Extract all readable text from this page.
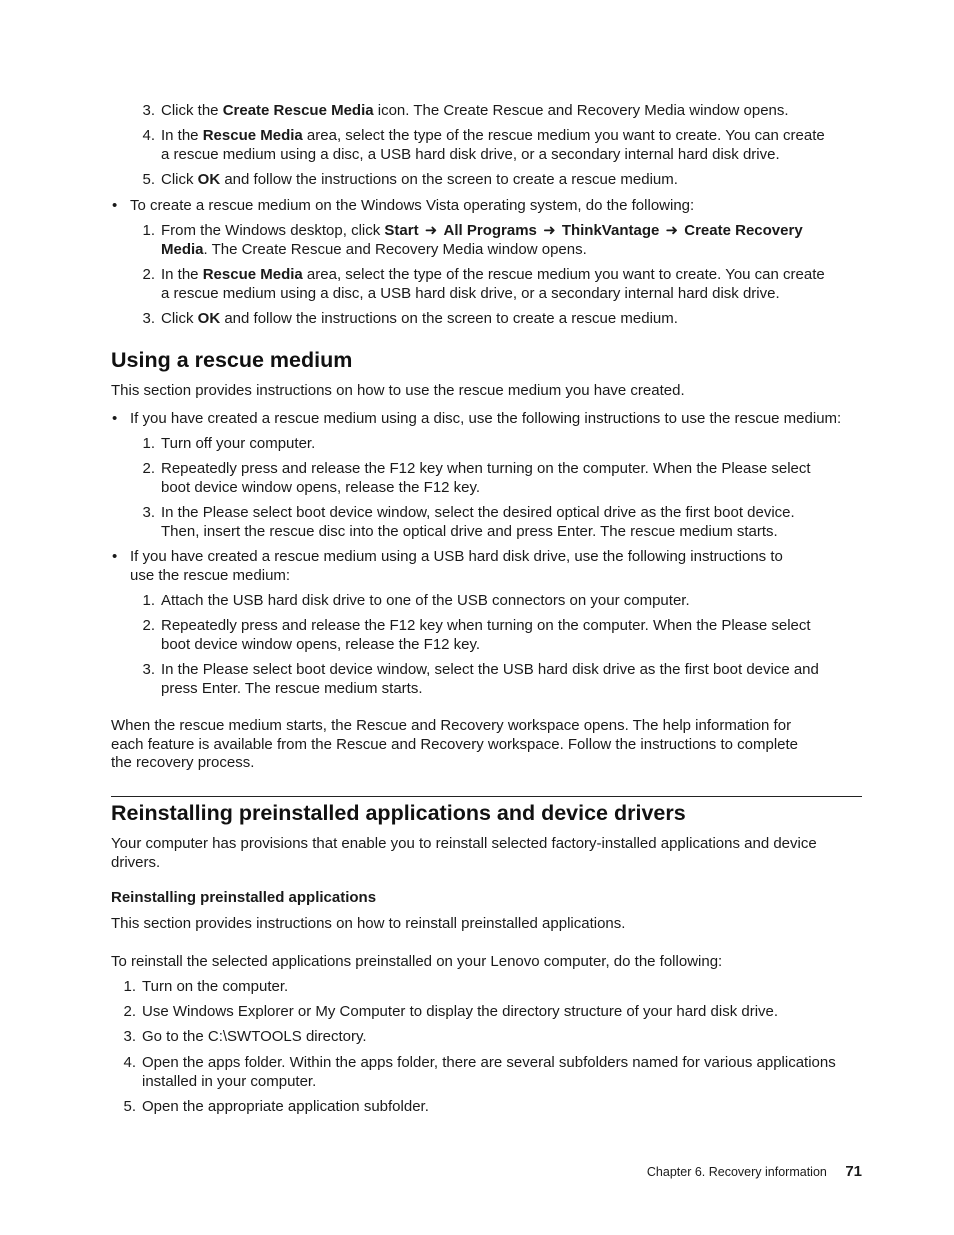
3. Click the Create Rescue Media icon. The Create Rescue and Recovery Media window opens.
4. In the Rescue Media area, select the type of the rescue medium you want to create. You can create
a rescue medium using a disc, a USB hard disk drive, or a secondary internal hard disk drive.
5. Click OK and follow the instructions on the screen to create a rescue medium.
• To create a rescue medium on the Windows Vista operating system, do the following:
1. From the Windows desktop, click Start ➜ All Programs ➜ ThinkVantage ➜ Create Recovery
Media. The Create Rescue and Recovery Media window opens.
2. In the Rescue Media area, select the type of the rescue medium you want to create. You can create
a rescue medium using a disc, a USB hard disk drive, or a secondary internal hard disk drive.
3. Click OK and follow the instructions on the screen to create a rescue medium.
Using a rescue medium
This section provides instructions on how to use the rescue medium you have created.
• If you have created a rescue medium using a disc, use the following instructions to use the rescue medium:
1. Turn off your computer.
2. Repeatedly press and release the F12 key when turning on the computer. When the Please select
boot device window opens, release the F12 key.
3. In the Please select boot device window, select the desired optical drive as the first boot device.
Then, insert the rescue disc into the optical drive and press Enter. The rescue medium starts.
• If you have created a rescue medium using a USB hard disk drive, use the following instructions to
use the rescue medium:
1. Attach the USB hard disk drive to one of the USB connectors on your computer.
2. Repeatedly press and release the F12 key when turning on the computer. When the Please select
boot device window opens, release the F12 key.
3. In the Please select boot device window, select the USB hard disk drive as the first boot device and
press Enter. The rescue medium starts.
When the rescue medium starts, the Rescue and Recovery workspace opens. The help information for
each feature is available from the Rescue and Recovery workspace. Follow the instructions to complete
the recovery process.
Reinstalling preinstalled applications and device drivers
Your computer has provisions that enable you to reinstall selected factory-installed applications and device
drivers.
Reinstalling preinstalled applications
This section provides instructions on how to reinstall preinstalled applications.
To reinstall the selected applications preinstalled on your Lenovo computer, do the following:
1. Turn on the computer.
2. Use Windows Explorer or My Computer to display the directory structure of your hard disk drive.
3. Go to the C:\SWTOOLS directory.
4. Open the apps folder. Within the apps folder, there are several subfolders named for various applications
installed in your computer.
5. Open the appropriate application subfolder.
Chapter 6. Recovery information 71
